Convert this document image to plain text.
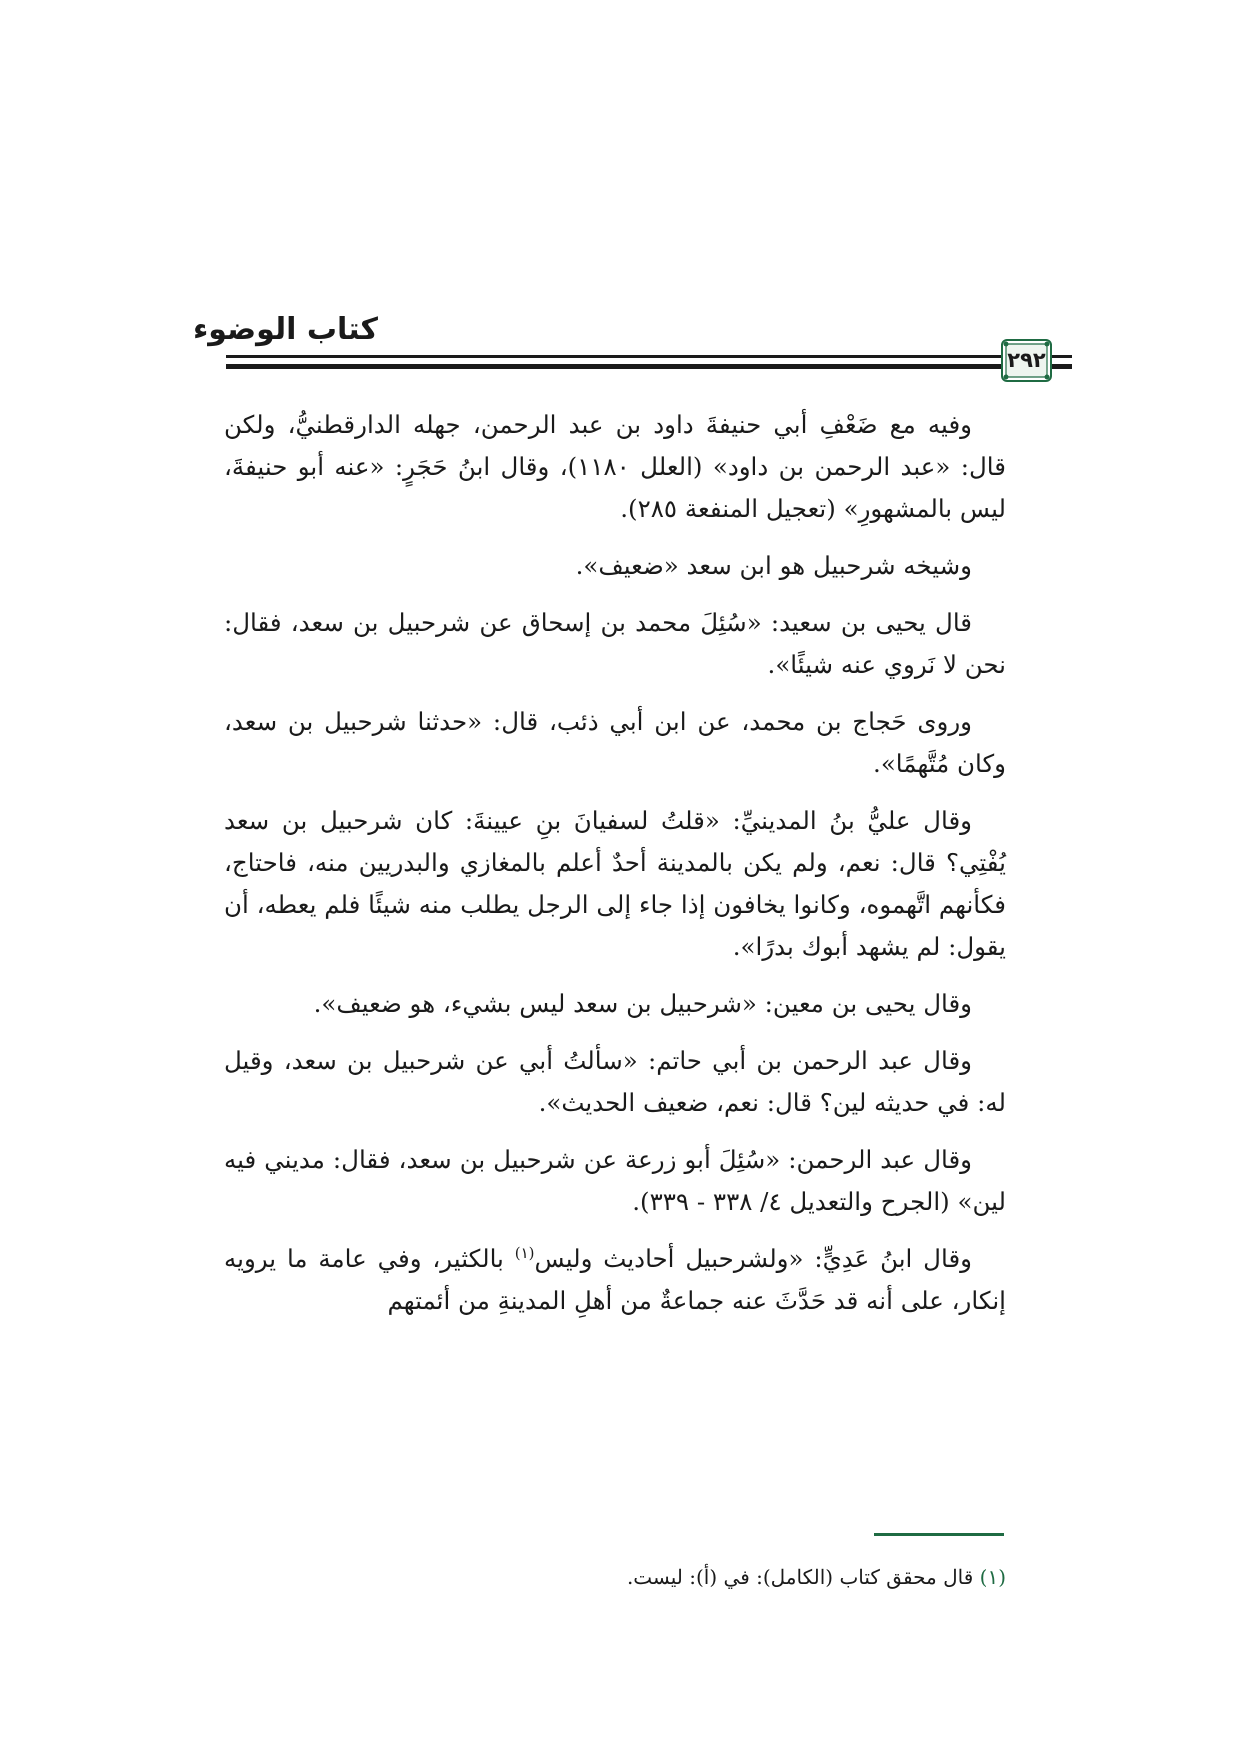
كتاب الوضوء
٢٩٢

وفيه مع ضَعْفِ أبي حنيفةَ داود بن عبد الرحمن، جهله الدارقطنيُّ، ولكن قال: «عبد الرحمن بن داود» (العلل ١١٨٠)، وقال ابنُ حَجَرٍ: «عنه أبو حنيفةَ، ليس بالمشهورِ» (تعجيل المنفعة ٢٨٥).

وشيخه شرحبيل هو ابن سعد «ضعيف».

قال يحيى بن سعيد: «سُئِلَ محمد بن إسحاق عن شرحبيل بن سعد، فقال: نحن لا نَروي عنه شيئًا».

وروى حَجاج بن محمد، عن ابن أبي ذئب، قال: «حدثنا شرحبيل بن سعد، وكان مُتَّهمًا».

وقال عليُّ بنُ المدينيِّ: «قلتُ لسفيانَ بنِ عيينةَ: كان شرحبيل بن سعد يُفْتِي؟ قال: نعم، ولم يكن بالمدينة أحدٌ أعلم بالمغازي والبدريين منه، فاحتاج، فكأنهم اتَّهموه، وكانوا يخافون إذا جاء إلى الرجل يطلب منه شيئًا فلم يعطه، أن يقول: لم يشهد أبوك بدرًا».

وقال يحيى بن معين: «شرحبيل بن سعد ليس بشيء، هو ضعيف».

وقال عبد الرحمن بن أبي حاتم: «سألتُ أبي عن شرحبيل بن سعد، وقيل له: في حديثه لين؟ قال: نعم، ضعيف الحديث».

وقال عبد الرحمن: «سُئِلَ أبو زرعة عن شرحبيل بن سعد، فقال: مديني فيه لين» (الجرح والتعديل ٤/ ٣٣٨ - ٣٣٩).

وقال ابنُ عَدِيٍّ: «ولشرحبيل أحاديث وليس$^{(١)}$ بالكثير، وفي عامة ما يرويه إنكار، على أنه قد حَدَّثَ عنه جماعةٌ من أهلِ المدينةِ من أئمتهم

(١) قال محقق كتاب (الكامل): في (أ): ليست.
